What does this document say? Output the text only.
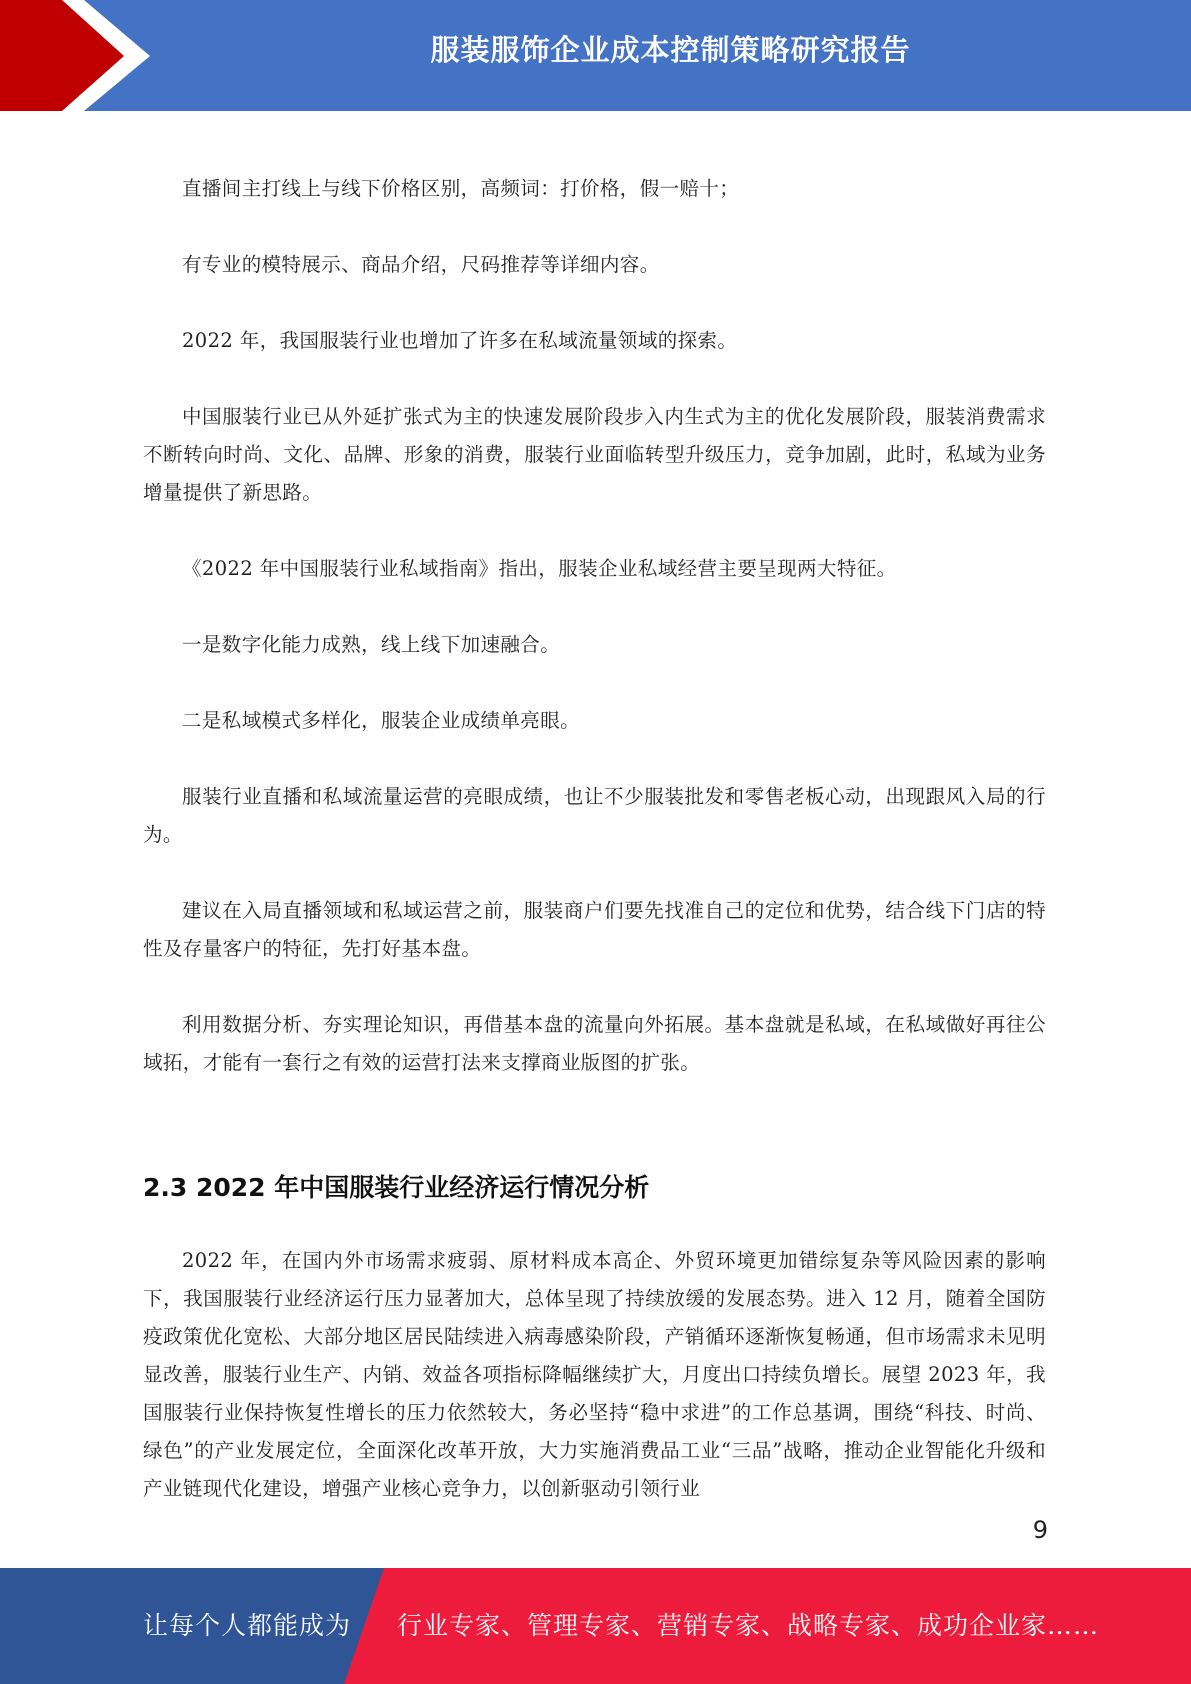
服装服饰企业成本控制策略研究报告

直播间主打线上与线下价格区别，高频词：打价格，假一赔十；

有专业的模特展示、商品介绍，尺码推荐等详细内容。

2022 年，我国服装行业也增加了许多在私域流量领域的探索。

中国服装行业已从外延扩张式为主的快速发展阶段步入内生式为主的优化发展阶段，服装消费需求不断转向时尚、文化、品牌、形象的消费，服装行业面临转型升级压力，竞争加剧，此时，私域为业务增量提供了新思路。

《2022 年中国服装行业私域指南》指出，服装企业私域经营主要呈现两大特征。

一是数字化能力成熟，线上线下加速融合。

二是私域模式多样化，服装企业成绩单亮眼。

服装行业直播和私域流量运营的亮眼成绩，也让不少服装批发和零售老板心动，出现跟风入局的行为。

建议在入局直播领域和私域运营之前，服装商户们要先找准自己的定位和优势，结合线下门店的特性及存量客户的特征，先打好基本盘。

利用数据分析、夯实理论知识，再借基本盘的流量向外拓展。基本盘就是私域，在私域做好再往公域拓，才能有一套行之有效的运营打法来支撑商业版图的扩张。

2.3 2022 年中国服装行业经济运行情况分析

2022 年，在国内外市场需求疲弱、原材料成本高企、外贸环境更加错综复杂等风险因素的影响下，我国服装行业经济运行压力显著加大，总体呈现了持续放缓的发展态势。进入 12 月，随着全国防疫政策优化宽松、大部分地区居民陆续进入病毒感染阶段，产销循环逐渐恢复畅通，但市场需求未见明显改善，服装行业生产、内销、效益各项指标降幅继续扩大，月度出口持续负增长。展望 2023 年，我国服装行业保持恢复性增长的压力依然较大，务必坚持“稳中求进”的工作总基调，围绕“科技、时尚、绿色”的产业发展定位，全面深化改革开放，大力实施消费品工业“三品”战略，推动企业智能化升级和产业链现代化建设，增强产业核心竞争力，以创新驱动引领行业

9
让每个人都能成为 行业专家、管理专家、营销专家、战略专家、成功企业家……
